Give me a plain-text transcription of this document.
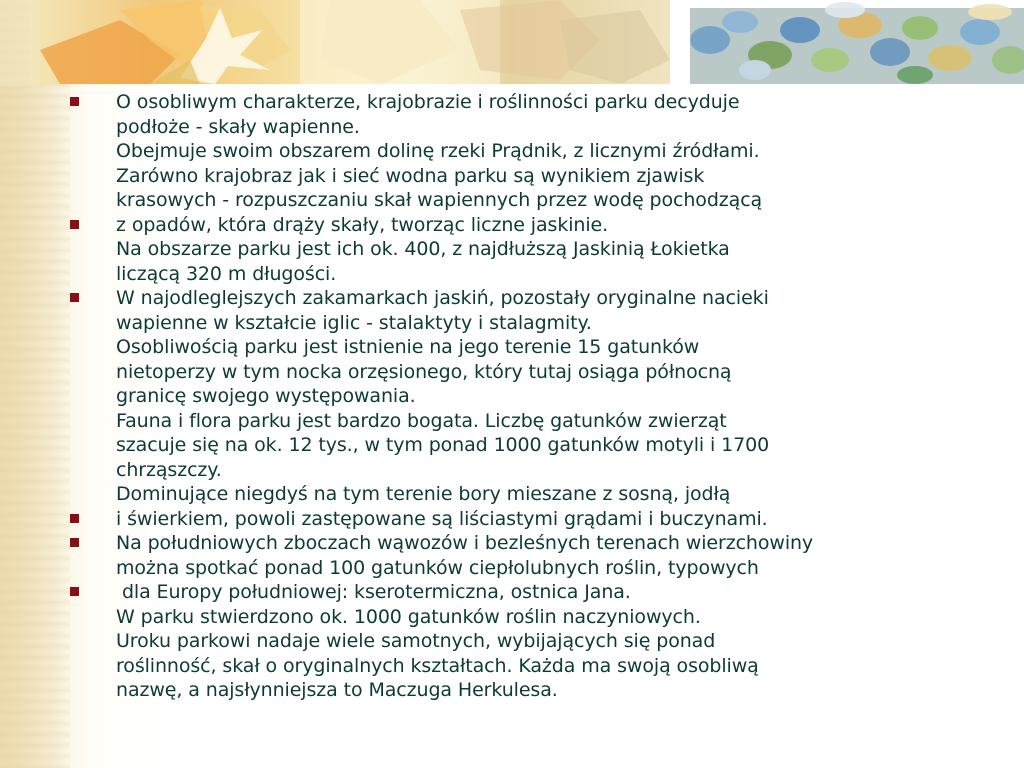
O osobliwym charakterze, krajobrazie i roślinności parku decyduje
podłoże - skały wapienne.
Obejmuje swoim obszarem dolinę rzeki Prądnik, z licznymi źródłami.
Zarówno krajobraz jak i sieć wodna parku są wynikiem zjawisk
krasowych - rozpuszczaniu skał wapiennych przez wodę pochodzącą
z opadów, która drąży skały, tworząc liczne jaskinie.
Na obszarze parku jest ich ok. 400, z najdłuższą Jaskinią Łokietka
liczącą 320 m długości.
W najodleglejszych zakamarkach jaskiń, pozostały oryginalne nacieki
wapienne w kształcie iglic - stalaktyty i stalagmity.
Osobliwością parku jest istnienie na jego terenie 15 gatunków
nietoperzy w tym nocka orzęsionego, który tutaj osiąga północną
granicę swojego występowania.
Fauna i flora parku jest bardzo bogata. Liczbę gatunków zwierząt
szacuje się na ok. 12 tys., w tym ponad 1000 gatunków motyli i 1700
chrząszczy.
Dominujące niegdyś na tym terenie bory mieszane z sosną, jodłą
i świerkiem, powoli zastępowane są liściastymi grądami i buczynami.
Na południowych zboczach wąwozów i bezleśnych terenach wierzchowiny
można spotkać ponad 100 gatunków ciepłolubnych roślin, typowych
dla Europy południowej: kserotermiczna, ostnica Jana.
W parku stwierdzono ok. 1000 gatunków roślin naczyniowych.
Uroku parkowi nadaje wiele samotnych, wybijających się ponad
roślinność, skał o oryginalnych kształtach. Każda ma swoją osobliwą
nazwę, a najsłynniejsza to Maczuga Herkulesa.
